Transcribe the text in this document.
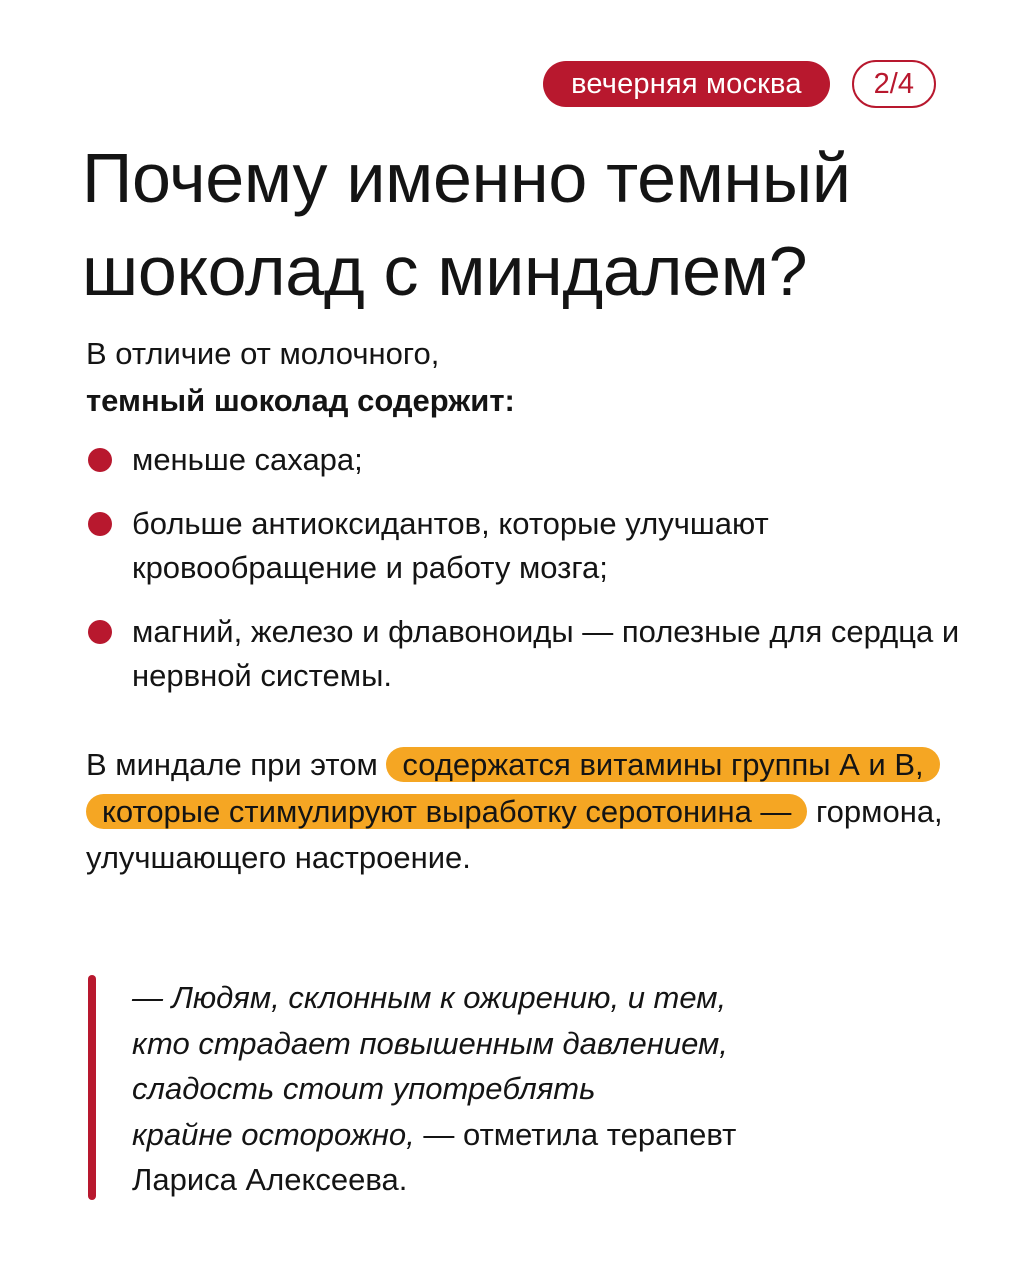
вечерняя москва	2/4
Почему именно темный
шоколад с миндалем?
В отличие от молочного,
темный шоколад содержит:
меньше сахара;
больше антиоксидантов, которые улучшают кровообращение и работу мозга;
магний, железо и флавоноиды — полезные для сердца и нервной системы.

В миндале при этом содержатся витамины группы А и В, которые стимулируют выработку серотонина — гормона, улучшающего настроение.

— Людям, склонным к ожирению, и тем,
кто страдает повышенным давлением,
сладость стоит употреблять
крайне осторожно, — отметила терапевт
Лариса Алексеева.
